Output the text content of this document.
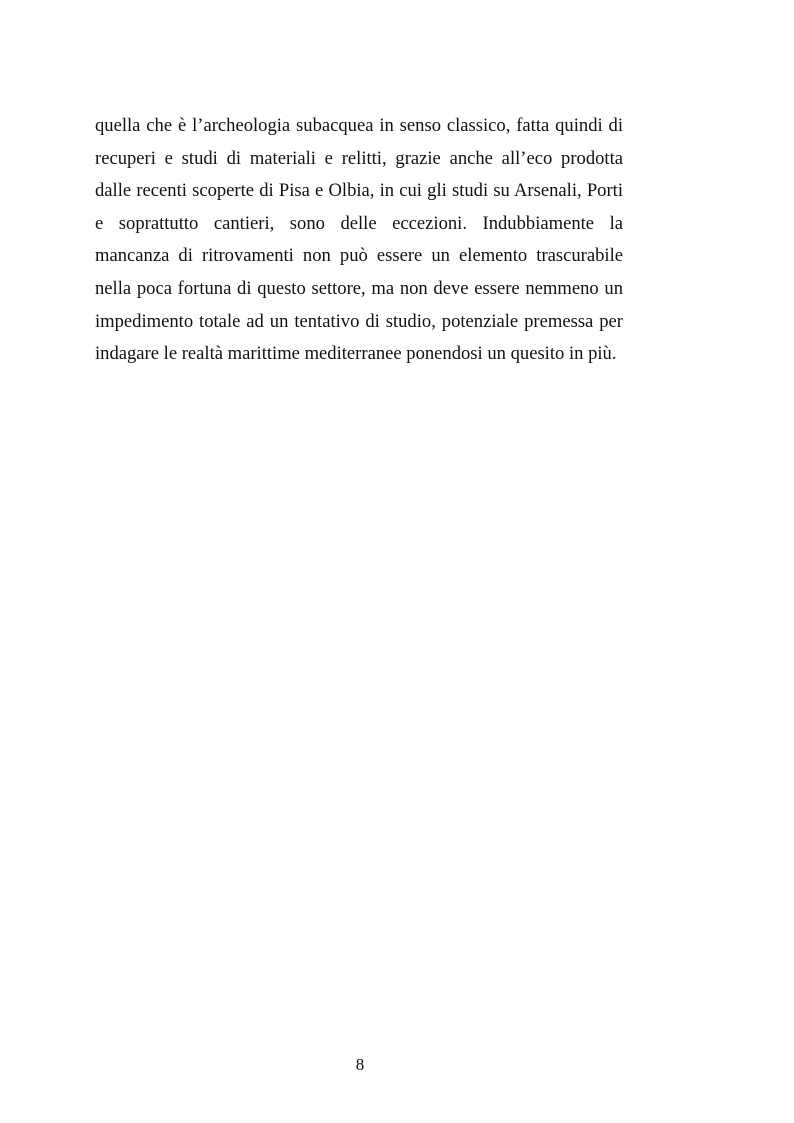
quella che è l’archeologia subacquea in senso classico, fatta quindi di
recuperi e studi di materiali e relitti, grazie anche all’eco prodotta
dalle recenti scoperte di Pisa e Olbia, in cui gli studi su Arsenali, Porti
e soprattutto cantieri, sono delle eccezioni. Indubbiamente la
mancanza di ritrovamenti non può essere un elemento trascurabile
nella poca fortuna di questo settore, ma non deve essere nemmeno un
impedimento totale ad un tentativo di studio, potenziale premessa per
indagare le realtà marittime mediterranee ponendosi un quesito in più.
8
